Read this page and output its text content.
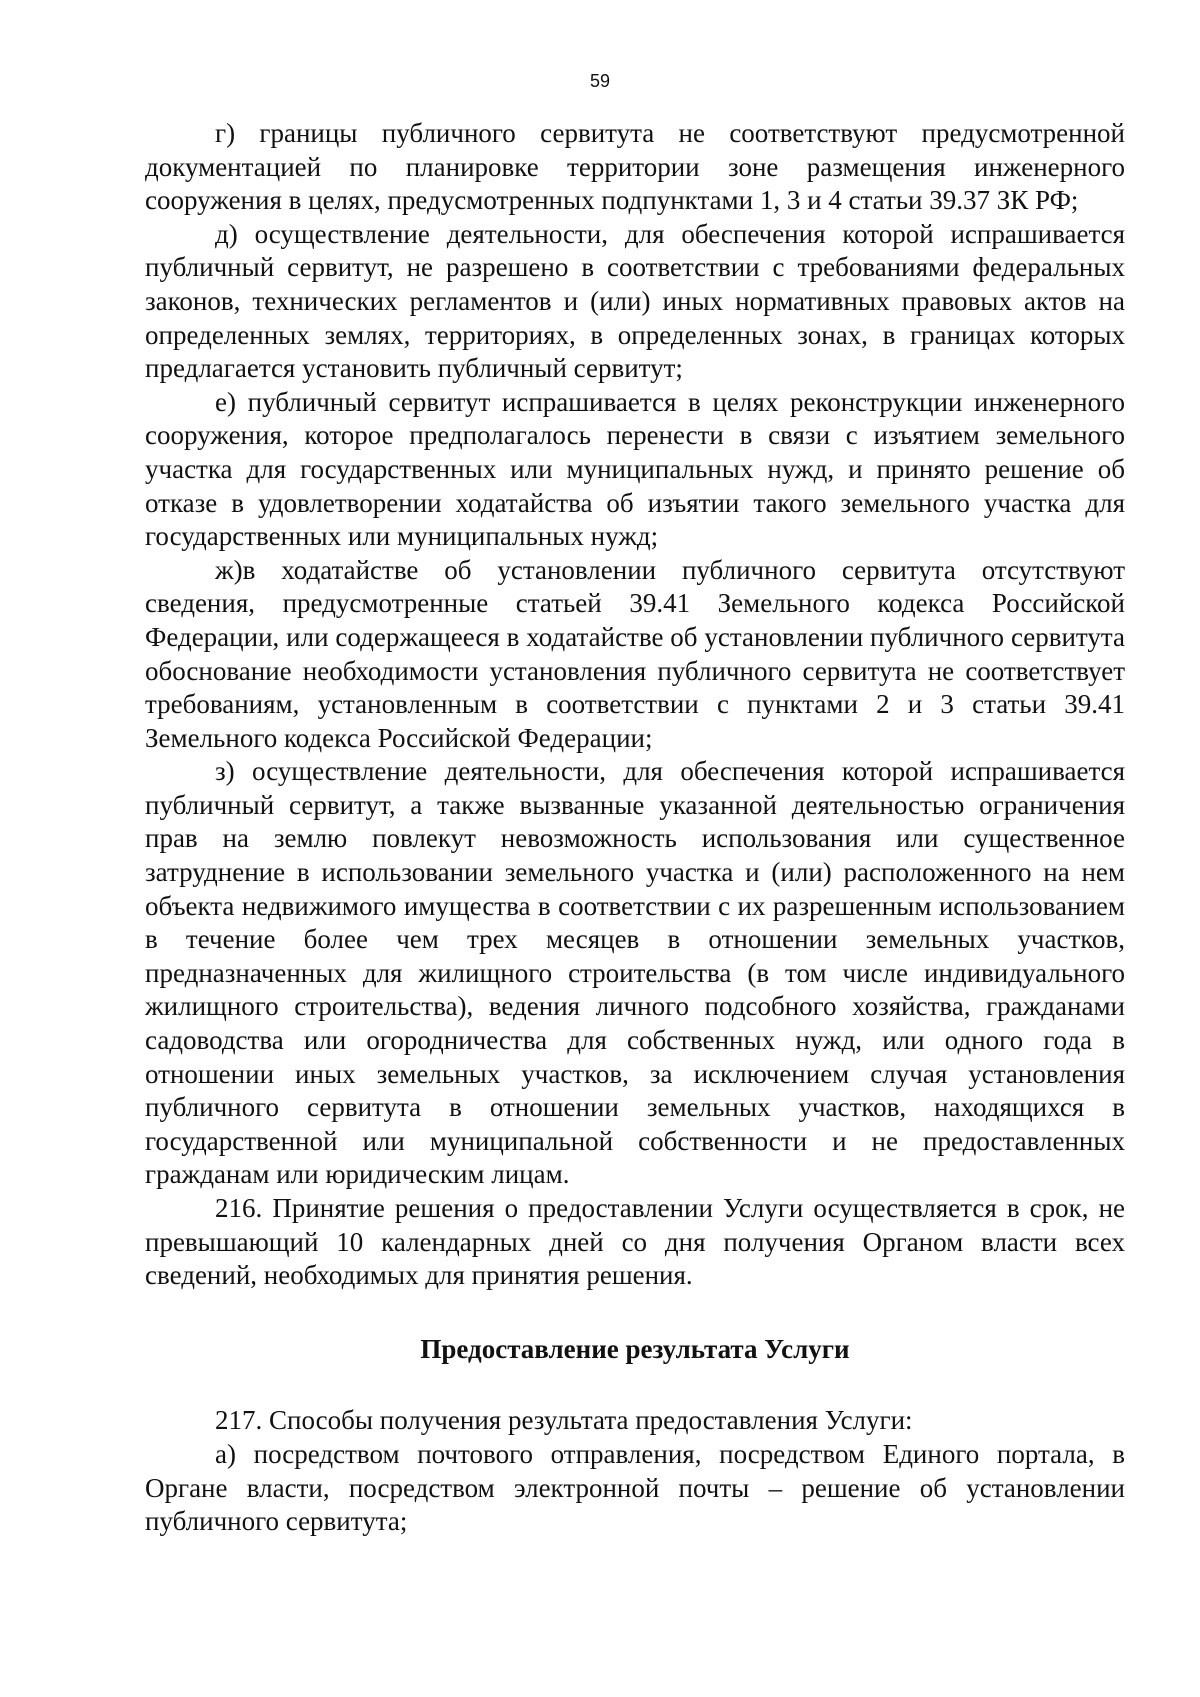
59

г) границы публичного сервитута не соответствуют предусмотренной документацией по планировке территории зоне размещения инженерного сооружения в целях, предусмотренных подпунктами 1, 3 и 4 статьи 39.37 ЗК РФ;

д) осуществление деятельности, для обеспечения которой испрашивается публичный сервитут, не разрешено в соответствии с требованиями федеральных законов, технических регламентов и (или) иных нормативных правовых актов на определенных землях, территориях, в определенных зонах, в границах которых предлагается установить публичный сервитут;

е) публичный сервитут испрашивается в целях реконструкции инженерного сооружения, которое предполагалось перенести в связи с изъятием земельного участка для государственных или муниципальных нужд, и принято решение об отказе в удовлетворении ходатайства об изъятии такого земельного участка для государственных или муниципальных нужд;

ж)в ходатайстве об установлении публичного сервитута отсутствуют сведения, предусмотренные статьей 39.41 Земельного кодекса Российской Федерации, или содержащееся в ходатайстве об установлении публичного сервитута обоснование необходимости установления публичного сервитута не соответствует требованиям, установленным в соответствии с пунктами 2 и 3 статьи 39.41 Земельного кодекса Российской Федерации;

з) осуществление деятельности, для обеспечения которой испрашивается публичный сервитут, а также вызванные указанной деятельностью ограничения прав на землю повлекут невозможность использования или существенное затруднение в использовании земельного участка и (или) расположенного на нем объекта недвижимого имущества в соответствии с их разрешенным использованием в течение более чем трех месяцев в отношении земельных участков, предназначенных для жилищного строительства (в том числе индивидуального жилищного строительства), ведения личного подсобного хозяйства, гражданами садоводства или огородничества для собственных нужд, или одного года в отношении иных земельных участков, за исключением случая установления публичного сервитута в отношении земельных участков, находящихся в государственной или муниципальной собственности и не предоставленных гражданам или юридическим лицам.

216. Принятие решения о предоставлении Услуги осуществляется в срок, не превышающий 10 календарных дней со дня получения Органом власти всех сведений, необходимых для принятия решения.

Предоставление результата Услуги

217. Способы получения результата предоставления Услуги:

а) посредством почтового отправления, посредством Единого портала, в Органе власти, посредством электронной почты – решение об установлении публичного сервитута;
